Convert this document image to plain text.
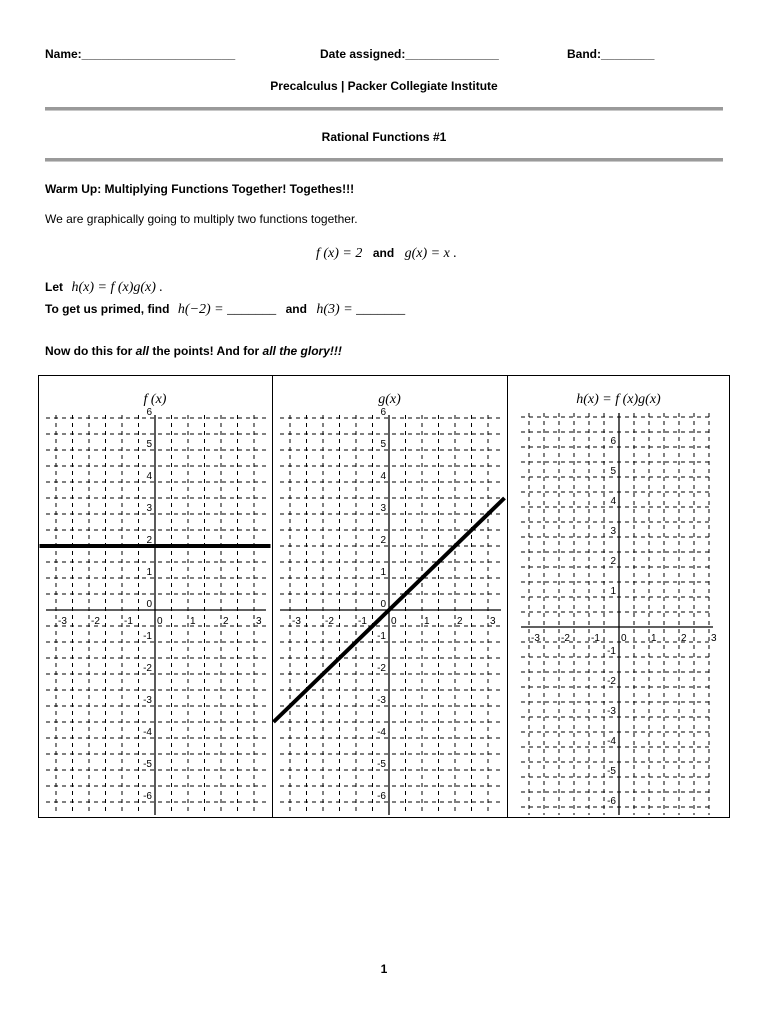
Name:_______________________	Date assigned:______________	Band:________
Precalculus | Packer Collegiate Institute
Rational Functions #1
Warm Up: Multiplying Functions Together! Togethes!!!
We are graphically going to multiply two functions together.
f (x) = 2 and g(x) = x .
Let h(x) = f (x)g(x) .
To get us primed, find h(−2) = _______ and h(3) = _______
Now do this for all the points! And for all the glory!!!
f (x)	g(x)	h(x) = f (x)g(x)
6
5
4
3
2
1
0
-1
-2
-3
-4
-5
-6
-3 -2 -1 0	1	2	3
6
5
4
3
2
1
0
-1
-2
-3
-4
-5
-6
-3 -2 -1 0	1	2	3
6
5
4
3
2
1
-1
-2
-3
-4
-5
-6
-3 -2 -1 0 1 2 3
1
